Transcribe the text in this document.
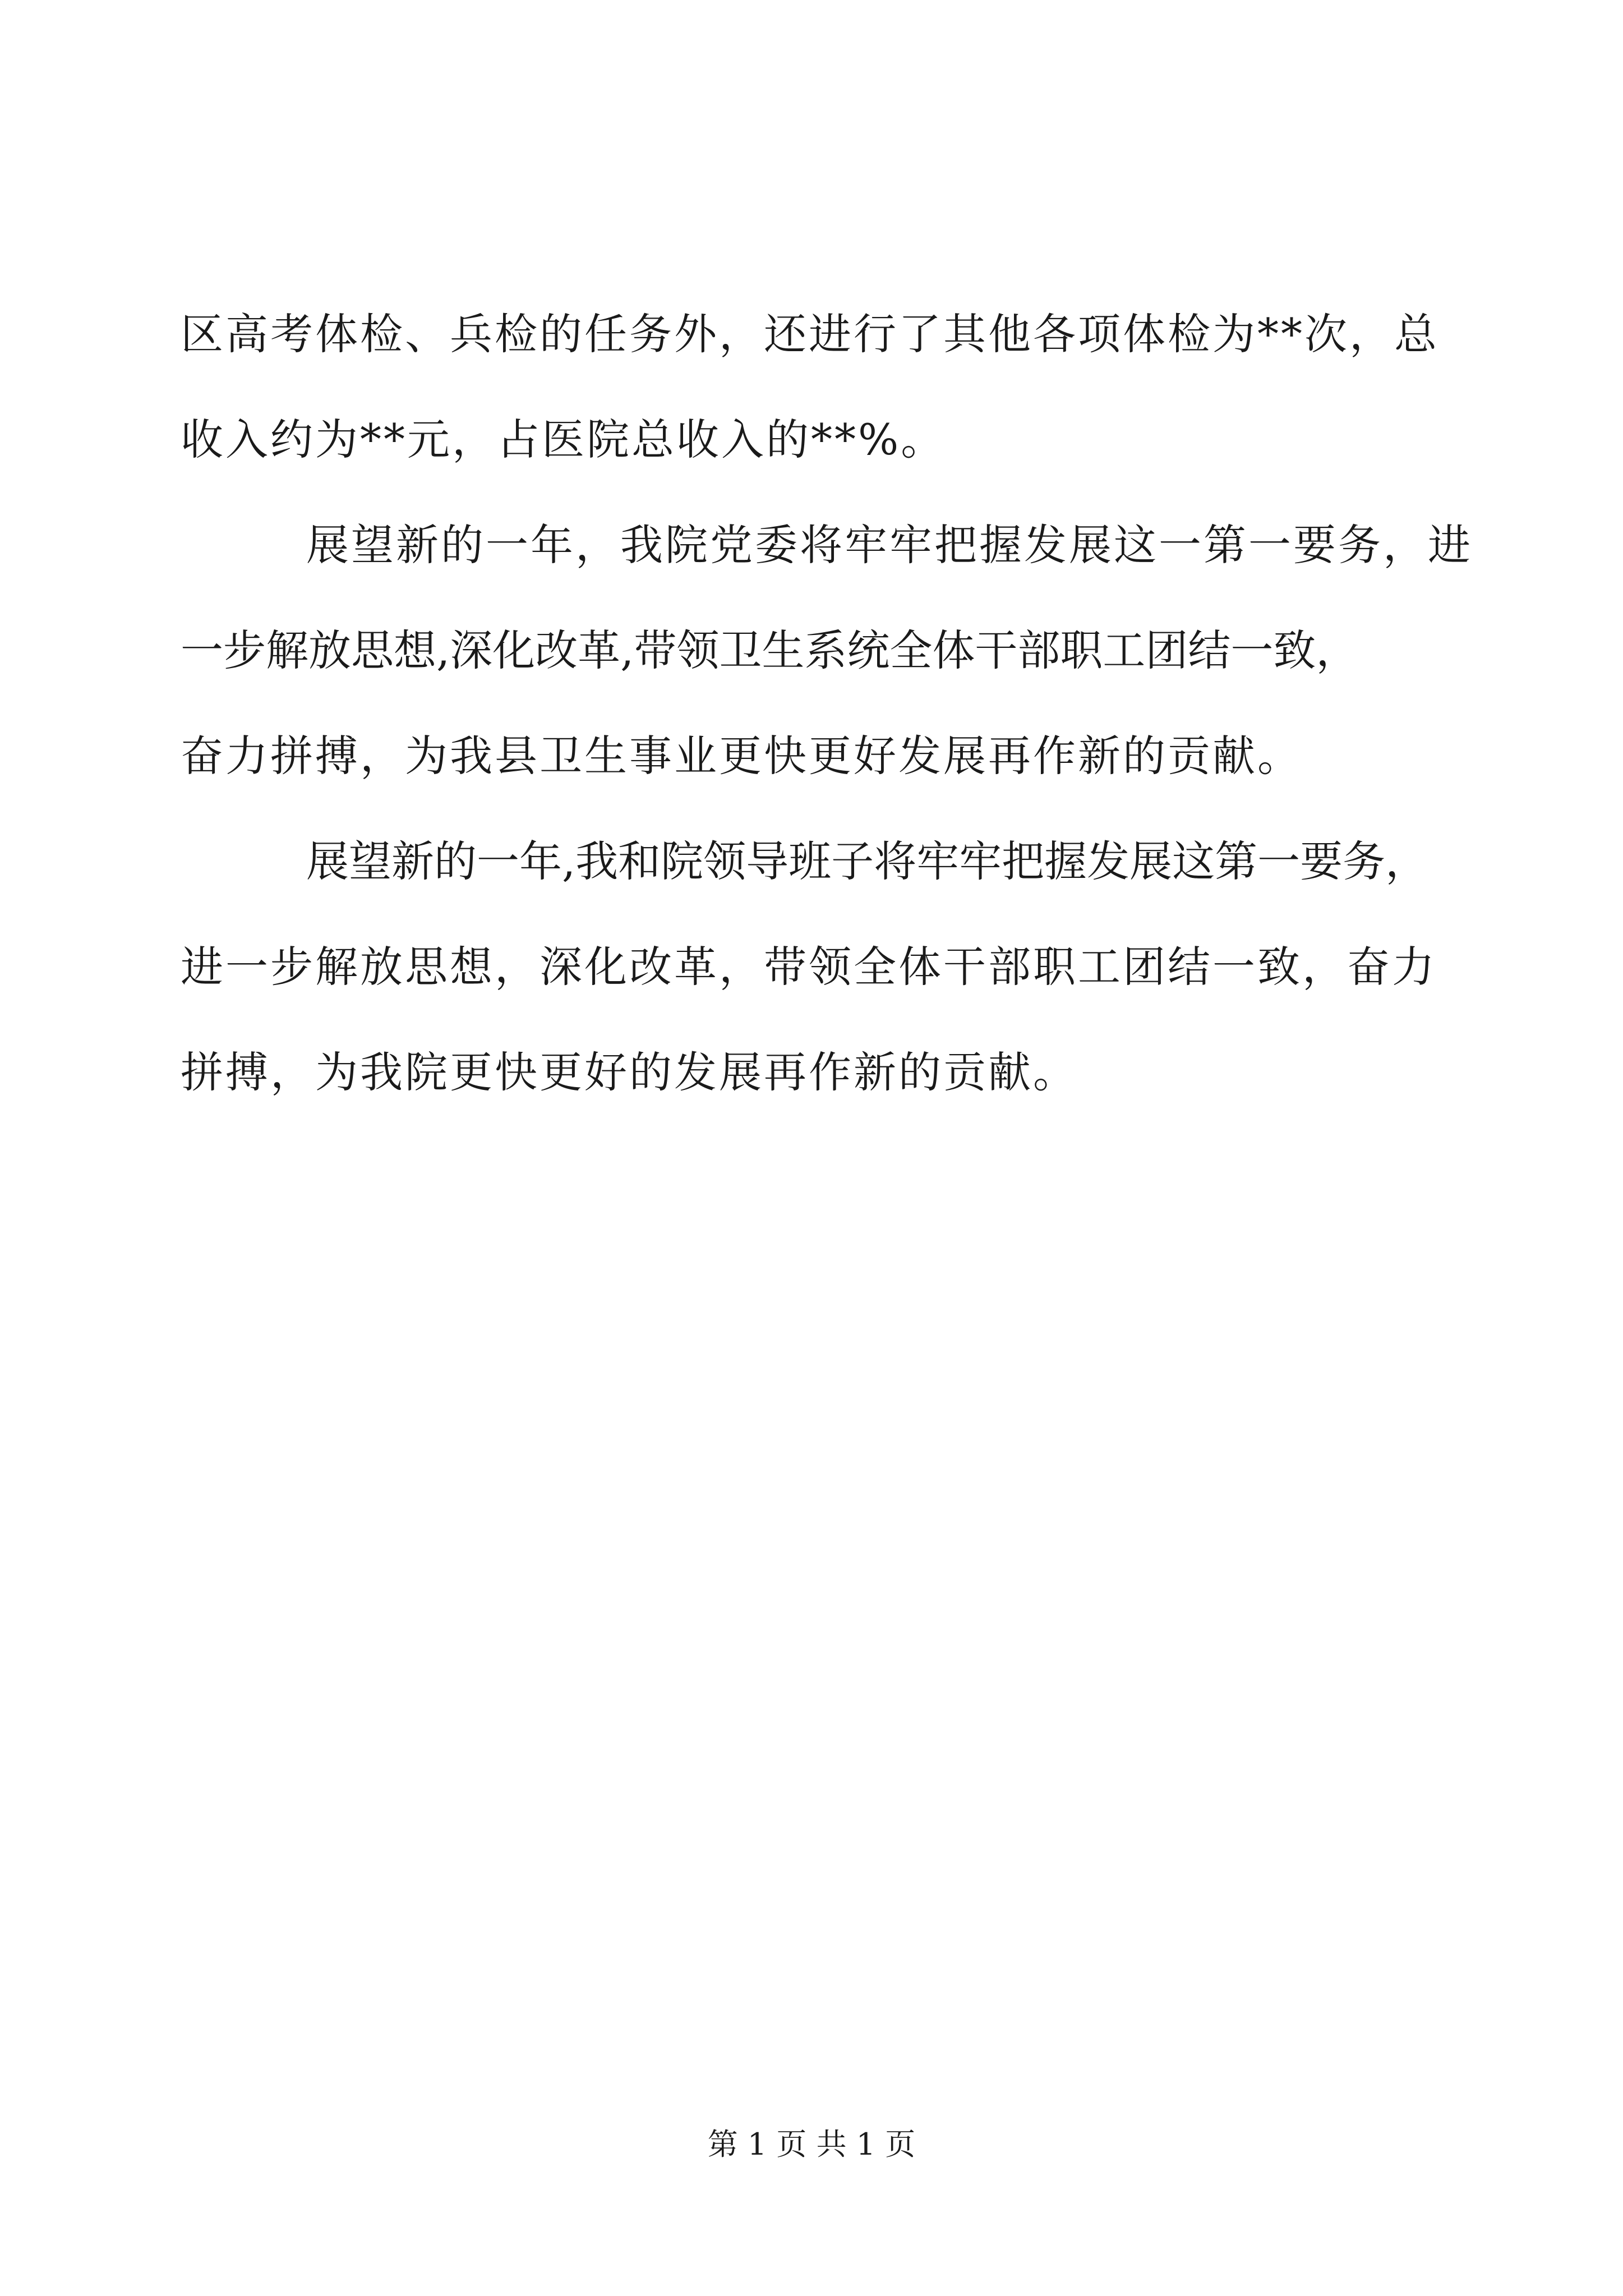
区高考体检、兵检的任务外，还进行了其他各项体检为**次，总
收入约为**元，占医院总收入的**%。
展望新的一年，我院党委将牢牢把握发展这一第一要务，进
一步解放思想,深化改革,带领卫生系统全体干部职工团结一致，
奋力拼搏，为我县卫生事业更快更好发展再作新的贡献。
展望新的一年,我和院领导班子将牢牢把握发展这第一要务，
进一步解放思想，深化改革，带领全体干部职工团结一致，奋力
拼搏，为我院更快更好的发展再作新的贡献。
第 1 页 共 1 页
